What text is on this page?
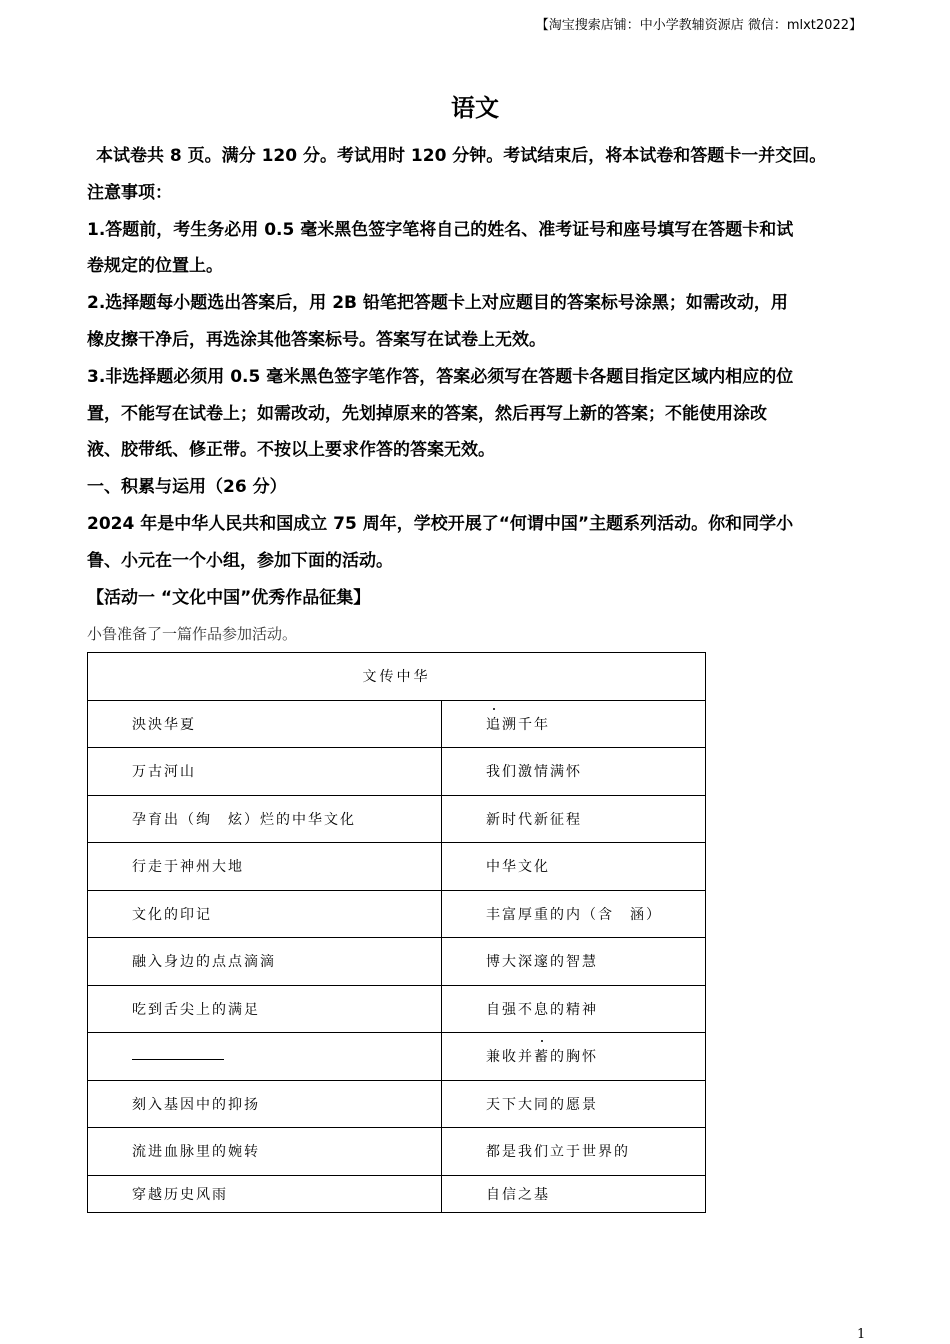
【淘宝搜索店铺：中小学教辅资源店 微信：mlxt2022】
语文

本试卷共 8 页。满分 120 分。考试用时 120 分钟。考试结束后，将本试卷和答题卡一并交回。

注意事项：

1.答题前，考生务必用 0.5 毫米黑色签字笔将自己的姓名、准考证号和座号填写在答题卡和试

卷规定的位置上。

2.选择题每小题选出答案后，用 2B 铅笔把答题卡上对应题目的答案标号涂黑；如需改动，用

橡皮擦干净后，再选涂其他答案标号。答案写在试卷上无效。

3.非选择题必须用 0.5 毫米黑色签字笔作答，答案必须写在答题卡各题目指定区域内相应的位

置，不能写在试卷上；如需改动，先划掉原来的答案，然后再写上新的答案；不能使用涂改

液、胶带纸、修正带。不按以上要求作答的答案无效。

一、积累与运用（26 分）

2024 年是中华人民共和国成立 75 周年，学校开展了“何谓中国”主题系列活动。你和同学小

鲁、小元在一个小组，参加下面的活动。

【活动一 “文化中国”优秀作品征集】

小鲁准备了一篇作品参加活动。

文传中华	
泱泱华夏	追溯千年
万古河山	我们激情满怀
孕育出（绚　炫）烂的中华文化	新时代新征程
行走于神州大地	中华文化
文化的印记	丰富厚重的内（含　涵）
融入身边的点点滴滴	博大深邃的智慧
吃到舌尖上的满足	自强不息的精神
	兼收并蓄的胸怀
刻入基因中的抑扬	天下大同的愿景
流进血脉里的婉转	都是我们立于世界的
穿越历史风雨	自信之基
1
